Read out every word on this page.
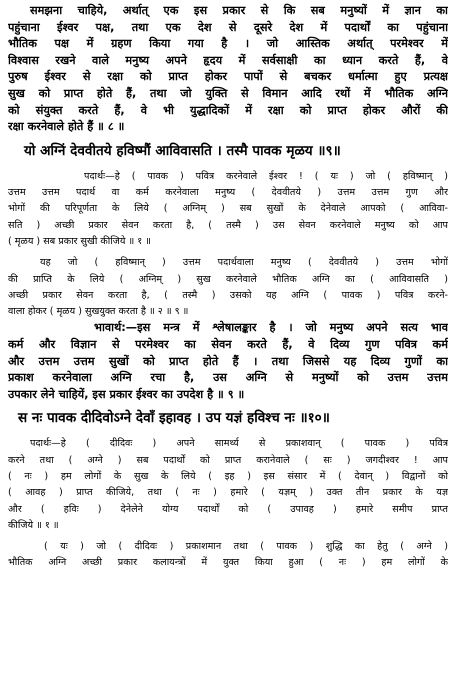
समझना चाहिये, अर्थात् एक इस प्रकार से कि सब मनुष्यों में ज्ञान का
पहुंचाना ईश्वर पक्ष, तथा एक देश से दूसरे देश में पदार्थों का पहुंचाना
भौतिक पक्ष में ग्रहण किया गया है । जो आस्तिक अर्थात् परमेश्वर में
विश्वास रखने वाले मनुष्य अपने हृदय में सर्वसाक्षी का ध्यान करते हैं, वे
पुरुष ईश्वर से रक्षा को प्राप्त होकर पापों से बचकर धर्मात्मा हुए प्रत्यक्ष
सुख को प्राप्त होते हैं, तथा जो युक्ति से विमान आदि रथों में भौतिक अग्नि
को संयुक्त करते हैं, वे भी युद्धादिकों में रक्षा को प्राप्त होकर औरों की
रक्षा करनेवाले होते हैं ॥ ८ ॥
यो अग्निं देववीतये हविष्मौं आविवासति । तस्मै पावक मृळय ॥९॥
पदार्थः—हे ( पावक ) पवित्र करनेवाले ईश्वर ! ( यः ) जो ( हविष्मान् )
उत्तम उत्तम पदार्थ वा कर्म करनेवाला मनुष्य ( देववीतये ) उत्तम उत्तम गुण और
भोगों की परिपूर्णता के लिये ( अग्निम् ) सब सुखों के देनेवाले आपको ( आविवा-
सति ) अच्छी प्रकार सेवन करता है, ( तस्मै ) उस सेवन करनेवाले मनुष्य को आप
( मृळय ) सब प्रकार सुखी कीजिये ॥ १ ॥
यह जो ( हविष्मान् ) उत्तम पदार्थवाला मनुष्य ( देववीतये ) उत्तम भोगों
की प्राप्ति के लिये ( अग्निम् ) सुख करनेवाले भौतिक अग्नि का ( आविवासति )
अच्छी प्रकार सेवन करता है, ( तस्मै ) उसको यह अग्नि ( पावक ) पवित्र करने-
वाला होकर ( मृळय ) सुखयुक्त करता है ॥ २ ॥ ९ ॥
भावार्थ:—इस मन्त्र में श्लेषालङ्कार है । जो मनुष्य अपने सत्य भाव
कर्म और विज्ञान से परमेश्वर का सेवन करते हैं, वे दिव्य गुण पवित्र कर्म
और उत्तम उत्तम सुखों को प्राप्त होते हैं । तथा जिससे यह दिव्य गुणों का
प्रकाश करनेवाला अग्नि रचा है, उस अग्नि से मनुष्यों को उत्तम उत्तम
उपकार लेने चाहियें, इस प्रकार ईश्वर का उपदेश है ॥ ९ ॥
स नः पावक दीदिवोऽग्ने देवाँ इहावह । उप यज्ञं हविश्च नः ॥१०॥
पदार्थः—हे ( दीदिवः ) अपने सामर्थ्य से प्रकाशवान् ( पावक ) पवित्र
करने तथा ( अग्ने ) सब पदार्थों को प्राप्त करानेवाले ( सः ) जगदीश्वर ! आप
( नः ) हम लोगों के सुख के लिये ( इह ) इस संसार में ( देवान् ) विद्वानों को
( आवह ) प्राप्त कीजिये, तथा ( नः ) हमारे ( यज्ञम् ) उक्त तीन प्रकार के यज्ञ
और ( हविः ) देनेलेने योग्य पदार्थों को ( उपावह ) हमारे समीप प्राप्त
कीजिये ॥ १ ॥
( यः ) जो ( दीदिवः ) प्रकाशमान तथा ( पावक ) शुद्धि का हेतु ( अग्ने )
भौतिक अग्नि अच्छी प्रकार कलायन्त्रों में युक्त किया हुआ ( नः ) हम लोगों के
